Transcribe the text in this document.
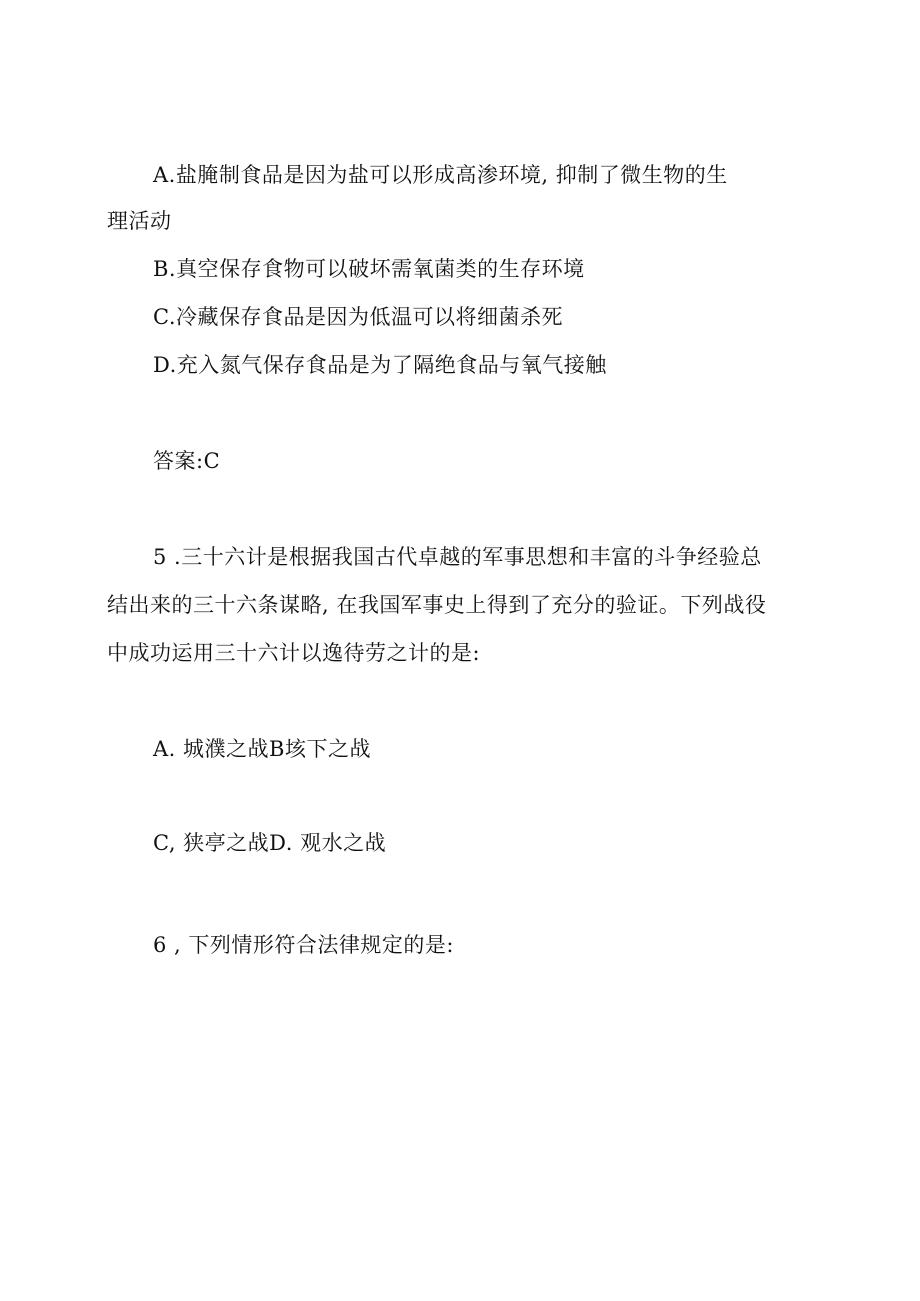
A.盐腌制食品是因为盐可以形成高渗环境, 抑制了微生物的生
理活动
B.真空保存食物可以破坏需氧菌类的生存环境
C.冷藏保存食品是因为低温可以将细菌杀死
D.充入氮气保存食品是为了隔绝食品与氧气接触
答案:C
5 .三十六计是根据我国古代卓越的军事思想和丰富的斗争经验总
结出来的三十六条谋略, 在我国军事史上得到了充分的验证。下列战役
中成功运用三十六计以逸待劳之计的是:
A. 城濮之战B垓下之战
C, 狭亭之战D. 观水之战
6 , 下列情形符合法律规定的是:
